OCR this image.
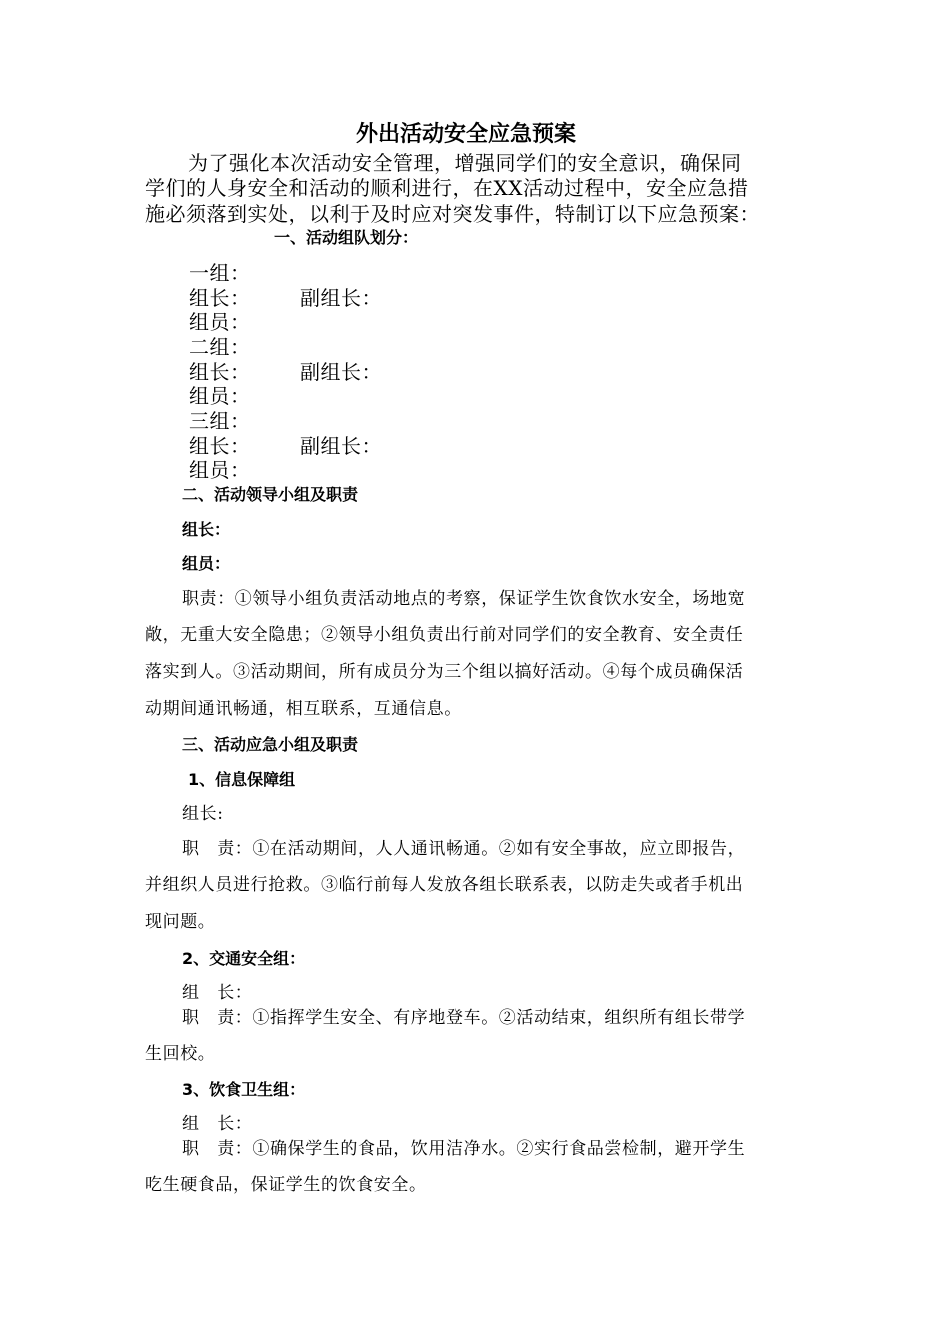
外出活动安全应急预案
为了强化本次活动安全管理，增强同学们的安全意识，确保同
学们的人身安全和活动的顺利进行，在XX活动过程中，安全应急措
施必须落到实处，以利于及时应对突发事件，特制订以下应急预案：
一、活动组队划分：
一组：
组长： 副组长：
组员：
二组：
组长： 副组长：
组员：
三组：
组长： 副组长：
组员：
二、活动领导小组及职责
组长：
组员：
职责：①领导小组负责活动地点的考察，保证学生饮食饮水安全，场地宽
敞，无重大安全隐患；②领导小组负责出行前对同学们的安全教育、安全责任
落实到人。③活动期间，所有成员分为三个组以搞好活动。④每个成员确保活
动期间通讯畅通，相互联系，互通信息。
三、活动应急小组及职责
1、信息保障组
组长:
职　责：①在活动期间，人人通讯畅通。②如有安全事故，应立即报告，
并组织人员进行抢救。③临行前每人发放各组长联系表，以防走失或者手机出
现问题。
2、交通安全组：
组　长：
职　责：①指挥学生安全、有序地登车。②活动结束，组织所有组长带学
生回校。
3、饮食卫生组：
组　长：
职　责：①确保学生的食品，饮用洁净水。②实行食品尝检制，避开学生
吃生硬食品，保证学生的饮食安全。
